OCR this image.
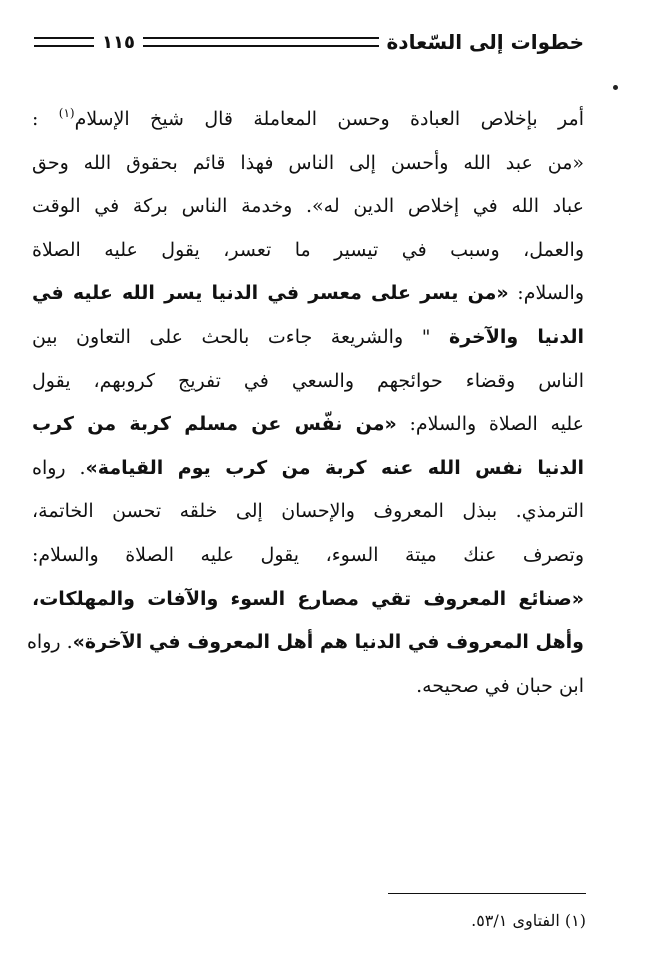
خطوات إلى السّعادة
١١٥
أمر بإخلاص العبادة وحسن المعاملة قال شيخ الإسلام$^{(١)}$ :
«من عبد الله وأحسن إلى الناس فهذا قائم بحقوق الله وحق
عباد الله في إخلاص الدين له». وخدمة الناس بركة في الوقت
والعمل، وسبب في تيسير ما تعسر، يقول عليه الصلاة
والسلام: «من يسر على معسر في الدنيا يسر الله عليه في
الدنيا والآخرة " والشريعة جاءت بالحث على التعاون بين
الناس وقضاء حوائجهم والسعي في تفريج كروبهم، يقول
عليه الصلاة والسلام: «من نفّس عن مسلم كربة من كرب
الدنيا نفس الله عنه كربة من كرب يوم القيامة». رواه
الترمذي. ببذل المعروف والإحسان إلى خلقه تحسن الخاتمة،
وتصرف عنك ميتة السوء، يقول عليه الصلاة والسلام:
«صنائع المعروف تقي مصارع السوء والآفات والمهلكات،
وأهل المعروف في الدنيا هم أهل المعروف في الآخرة». رواه
ابن حبان في صحيحه.
(١) الفتاوى ٥٣/١.
